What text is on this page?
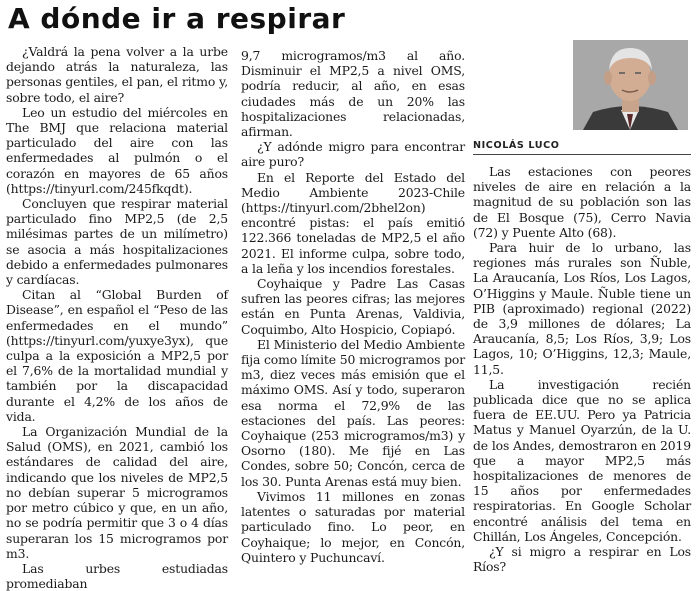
A dónde ir a respirar

¿Valdrá la pena volver a la urbe dejando atrás la naturaleza, las personas gentiles, el pan, el ritmo y, sobre todo, el aire?

Leo un estudio del miércoles en The BMJ que relaciona material particulado del aire con las enfermedades al pulmón o el corazón en mayores de 65 años (https://tinyurl.com/245fkqdt).

Concluyen que respirar material particulado fino MP2,5 (de 2,5 milésimas partes de un milímetro) se asocia a más hospitalizaciones debido a enfermedades pulmonares y cardíacas.

Citan al “Global Burden of Disease”, en español el “Peso de las enfermedades en el mundo” (https://tinyurl.com/yuxye3yx), que culpa a la exposición a MP2,5 por el 7,6% de la mortalidad mundial y también por la discapacidad durante el 4,2% de los años de vida.

La Organización Mundial de la Salud (OMS), en 2021, cambió los estándares de calidad del aire, indicando que los niveles de MP2,5 no debían superar 5 microgramos por metro cúbico y que, en un año, no se podría permitir que 3 o 4 días superaran los 15 microgramos por m3.

Las urbes estudiadas promediaban

9,7 microgramos/m3 al año. Disminuir el MP2,5 a nivel OMS, podría reducir, al año, en esas ciudades más de un 20% las hospitalizaciones relacionadas, afirman.

¿Y adónde migro para encontrar aire puro?

En el Reporte del Estado del Medio Ambiente 2023-Chile (https://tinyurl.com/2bhel2on) encontré pistas: el país emitió 122.366 toneladas de MP2,5 el año 2021. El informe culpa, sobre todo, a la leña y los incendios forestales.

Coyhaique y Padre Las Casas sufren las peores cifras; las mejores están en Punta Arenas, Valdivia, Coquimbo, Alto Hospicio, Copiapó.

El Ministerio del Medio Ambiente fija como límite 50 microgramos por m3, diez veces más emisión que el máximo OMS. Así y todo, superaron esa norma el 72,9% de las estaciones del país. Las peores: Coyhaique (253 microgramos/m3) y Osorno (180). Me fijé en Las Condes, sobre 50; Concón, cerca de los 30. Punta Arenas está muy bien.

Vivimos 11 millones en zonas latentes o saturadas por material particulado fino. Lo peor, en Coyhaique; lo mejor, en Concón, Quintero y Puchuncaví.

NICOLÁS LUCO

Las estaciones con peores niveles de aire en relación a la magnitud de su población son las de El Bosque (75), Cerro Navia (72) y Puente Alto (68).

Para huir de lo urbano, las regiones más rurales son Ñuble, La Araucanía, Los Ríos, Los Lagos, O’Higgins y Maule. Ñuble tiene un PIB (aproximado) regional (2022) de 3,9 millones de dólares; La Araucanía, 8,5; Los Ríos, 3,9; Los Lagos, 10; O’Higgins, 12,3; Maule, 11,5.

La investigación recién publicada dice que no se aplica fuera de EE.UU. Pero ya Patricia Matus y Manuel Oyarzún, de la U. de los Andes, demostraron en 2019 que a mayor MP2,5 más hospitalizaciones de menores de 15 años por enfermedades respiratorias. En Google Scholar encontré análisis del tema en Chillán, Los Ángeles, Concepción.

¿Y si migro a respirar en Los Ríos?
